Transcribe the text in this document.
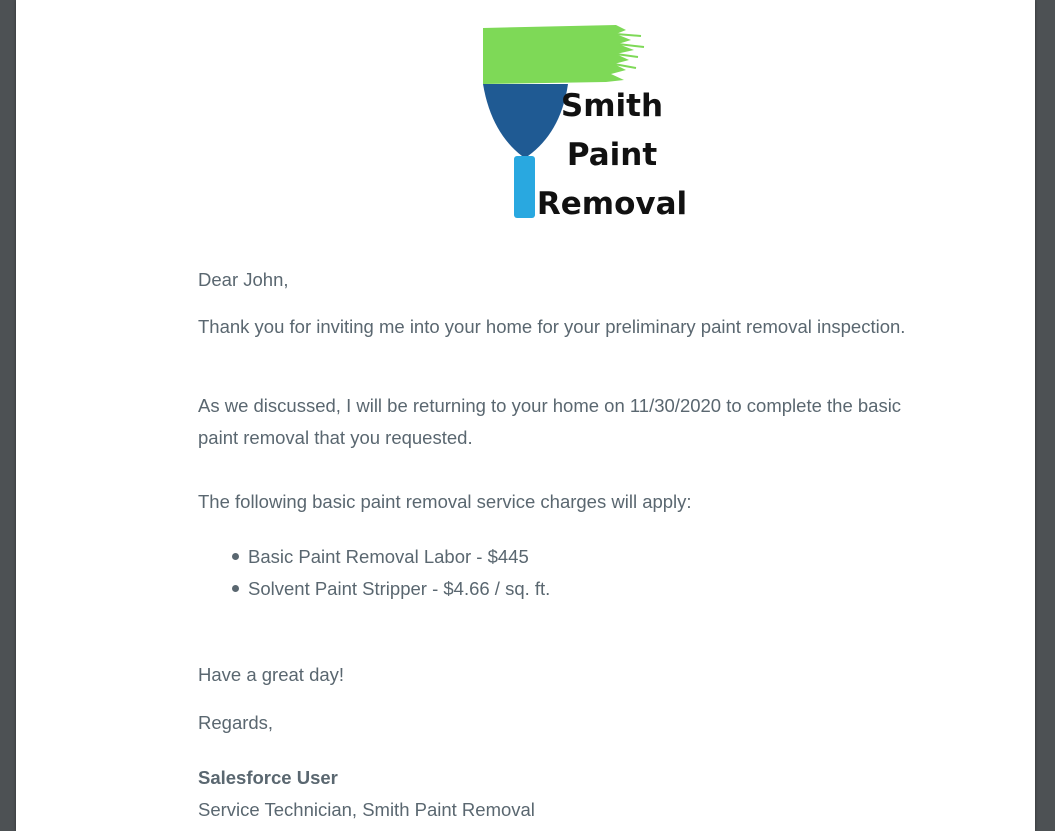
Smith
Paint
Removal

Dear John,

Thank you for inviting me into your home for your preliminary paint removal inspection.

As we discussed, I will be returning to your home on 11/30/2020 to complete the basic paint removal that you requested.

The following basic paint removal service charges will apply:

Basic Paint Removal Labor - $445
Solvent Paint Stripper - $4.66 / sq. ft.

Have a great day!

Regards,

Salesforce User

Service Technician, Smith Paint Removal
